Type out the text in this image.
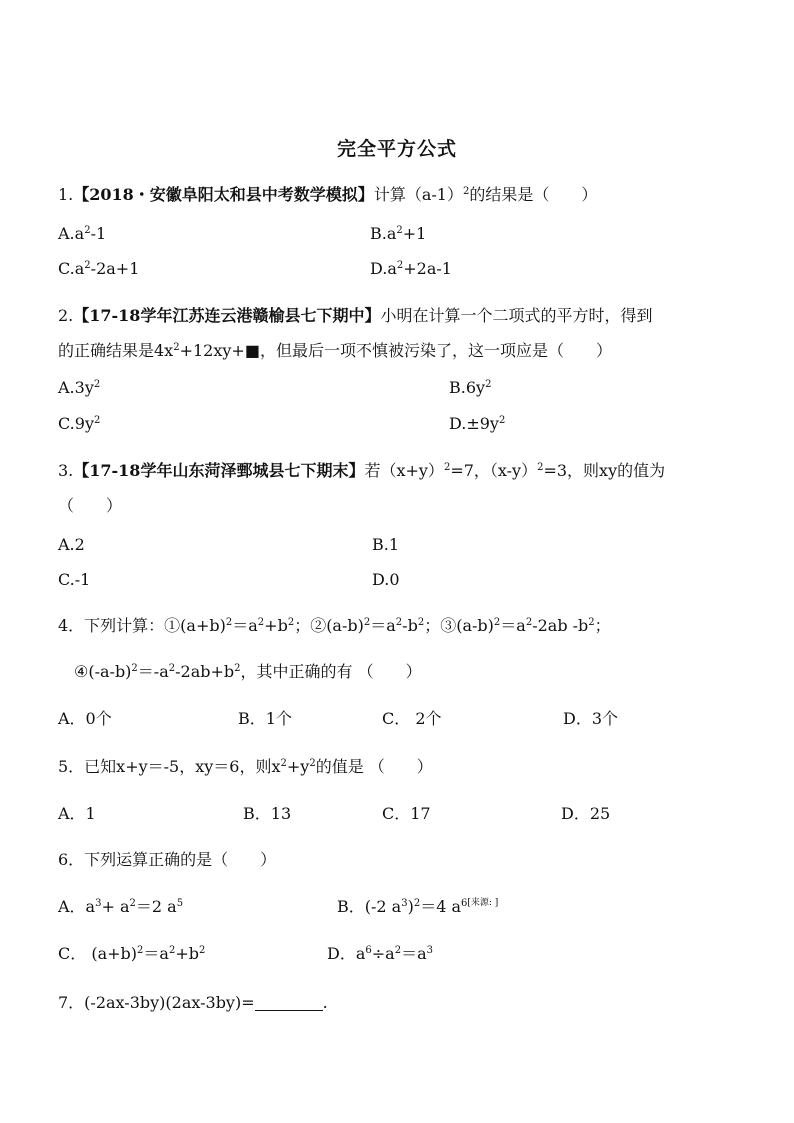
完全平方公式
1.【2018・安徽阜阳太和县中考数学模拟】计算$(a-1)^2$的结果是（　　）
$A.a^2-1$	$B.a^2+1$
$C.a^2-2a+1$	$D.a^2+2a-1$
2.【17-18学年江苏连云港赣榆县七下期中】小明在计算一个二项式的平方时，得到
的正确结果是$4x^2+12xy+■$，但最后一项不慎被污染了，这一项应是（　　）
$A.3y^2$	$B.6y^2$
$C.9y^2$	$D.\pm 9y^2$
3.【17-18学年山东菏泽鄄城县七下期末】若$(x+y)^2=7$，$(x-y)^2=3$，则xy的值为
（　　）
A.2	B.1
C.-1	D.0
4．下列计算：$①(a+b)^2=a^2+b^2$；$②(a-b)^2=a^2-b^2$；$③(a-b)^2=a^2-2ab$ $-b^2$；
$④(-a-b)^2=-a^2-2ab+b^2$，其中正确的有 （　　）
A．0个	B．1个	C． 2个	D．3个
5．已知x+y＝-5，xy＝6，则$x^2+y^2$的值是 （　　）
A．1	B．13	C．17	D．25
6．下列运算正确的是（　　）
A．$a^3+ a^2=2$ $a^5$	B．(-2 $a^3)^2=4$ $a^{6[来源: ]}$
C． $(a+b)^2=a^2+b^2$	D．$a^6\div a^2=a^3$
7．(-2ax-3by)(2ax-3by)=	.
